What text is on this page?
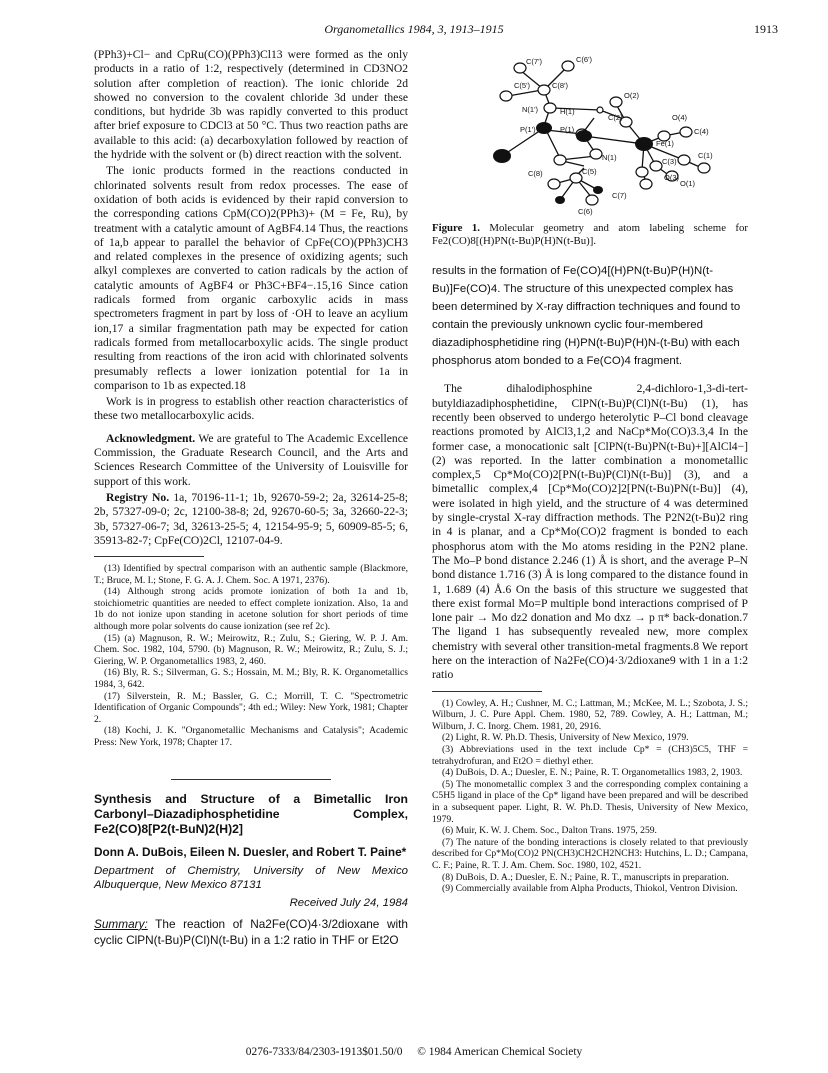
Organometallics 1984, 3, 1913–1915	1913

(PPh3)+Cl− and CpRu(CO)(PPh3)Cl13 were formed as the only products in a ratio of 1:2, respectively (determined in CD3NO2 solution after completion of reaction). The ionic chloride 2d showed no conversion to the covalent chloride 3d under these conditions, but hydride 3b was rapidly converted to this product after brief exposure to CDCl3 at 50 °C. Thus two reaction paths are available to this acid: (a) decarboxylation followed by reaction of the hydride with the solvent or (b) direct reaction with the solvent.

The ionic products formed in the reactions conducted in chlorinated solvents result from redox processes. The ease of oxidation of both acids is evidenced by their rapid conversion to the corresponding cations CpM(CO)2(PPh3)+ (M = Fe, Ru), by treatment with a catalytic amount of AgBF4.14 Thus, the reactions of 1a,b appear to parallel the behavior of CpFe(CO)(PPh3)CH3 and related complexes in the presence of oxidizing agents; such alkyl complexes are converted to cation radicals by the action of catalytic amounts of AgBF4 or Ph3C+BF4−.15,16 Since cation radicals formed from organic carboxylic acids in mass spectrometers fragment in part by loss of ·OH to leave an acylium ion,17 a similar fragmentation path may be expected for cation radicals formed from metallocarboxylic acids. The single product resulting from reactions of the iron acid with chlorinated solvents presumably reflects a lower ionization potential for 1a in comparison to 1b as expected.18

Work is in progress to establish other reaction characteristics of these two metallocarboxylic acids.

Acknowledgment. We are grateful to The Academic Excellence Commission, the Graduate Research Council, and the Arts and Sciences Research Committee of the University of Louisville for support of this work.

Registry No. 1a, 70196-11-1; 1b, 92670-59-2; 2a, 32614-25-8; 2b, 57327-09-0; 2c, 12100-38-8; 2d, 92670-60-5; 3a, 32660-22-3; 3b, 57327-06-7; 3d, 32613-25-5; 4, 12154-95-9; 5, 60909-85-5; 6, 35913-82-7; CpFe(CO)2Cl, 12107-04-9.

(13) Identified by spectral comparison with an authentic sample (Blackmore, T.; Bruce, M. I.; Stone, F. G. A. J. Chem. Soc. A 1971, 2376).

(14) Although strong acids promote ionization of both 1a and 1b, stoichiometric quantities are needed to effect complete ionization. Also, 1a and 1b do not ionize upon standing in acetone solution for short periods of time although more polar solvents do cause ionization (see ref 2c).

(15) (a) Magnuson, R. W.; Meirowitz, R.; Zulu, S.; Giering, W. P. J. Am. Chem. Soc. 1982, 104, 5790. (b) Magnuson, R. W.; Meirowitz, R.; Zulu, S. J.; Giering, W. P. Organometallics 1983, 2, 460.

(16) Bly, R. S.; Silverman, G. S.; Hossain, M. M.; Bly, R. K. Organometallics 1984, 3, 642.

(17) Silverstein, R. M.; Bassler, G. C.; Morrill, T. C. "Spectrometric Identification of Organic Compounds"; 4th ed.; Wiley: New York, 1981; Chapter 2.

(18) Kochi, J. K. "Organometallic Mechanisms and Catalysis"; Academic Press: New York, 1978; Chapter 17.

Synthesis and Structure of a Bimetallic Iron Carbonyl–Diazadiphosphetidine Complex, Fe2(CO)8[P2(t-BuN)2(H)2]
Donn A. DuBois, Eileen N. Duesler, and Robert T. Paine*
Department of Chemistry, University of New Mexico Albuquerque, New Mexico 87131
Received July 24, 1984
Summary: The reaction of Na2Fe(CO)4·3/2dioxane with cyclic ClPN(t-Bu)P(Cl)N(t-Bu) in a 1:2 ratio in THF or Et2O
C(7')	C(6')
C(5')	C(8')
O(2)
N(1')	H(1)
C(2)	O(4)
C(4)
P(1')	P(1)
Fe(1)
N(1)	C(3)
C(1)
C(8)	C(5)
O(3)
O(1)
C(6)
C(7)
Figure 1. Molecular geometry and atom labeling scheme for Fe2(CO)8[(H)PN(t-Bu)P(H)N(t-Bu)].
results in the formation of Fe(CO)4[(H)PN(t-Bu)P(H)N(t-Bu)]Fe(CO)4. The structure of this unexpected complex has been determined by X-ray diffraction techniques and found to contain the previously unknown cyclic four-membered diazadiphosphetidine ring (H)PN(t-Bu)P(H)N-(t-Bu) with each phosphorus atom bonded to a Fe(CO)4 fragment.

The dihalodiphosphine 2,4-dichloro-1,3-di-tert-butyldiazadiphosphetidine, ClPN(t-Bu)P(Cl)N(t-Bu) (1), has recently been observed to undergo heterolytic P–Cl bond cleavage reactions promoted by AlCl3,1,2 and NaCp*Mo(CO)3.3,4 In the former case, a monocationic salt [ClPN(t-Bu)PN(t-Bu)+][AlCl4−] (2) was reported. In the latter combination a monometallic complex,5 Cp*Mo(CO)2[PN(t-Bu)P(Cl)N(t-Bu)] (3), and a bimetallic complex,4 [Cp*Mo(CO)2]2[PN(t-Bu)PN(t-Bu)] (4), were isolated in high yield, and the structure of 4 was determined by single-crystal X-ray diffraction methods. The P2N2(t-Bu)2 ring in 4 is planar, and a Cp*Mo(CO)2 fragment is bonded to each phosphorus atom with the Mo atoms residing in the P2N2 plane. The Mo–P bond distance 2.246 (1) Å is short, and the average P–N bond distance 1.716 (3) Å is long compared to the distance found in 1, 1.689 (4) Å.6 On the basis of this structure we suggested that there exist formal Mo=P multiple bond interactions comprised of P lone pair → Mo dz2 donation and Mo dxz → p π* back-donation.7 The ligand 1 has subsequently revealed new, more complex chemistry with several other transition-metal fragments.8 We report here on the interaction of Na2Fe(CO)4·3/2dioxane9 with 1 in a 1:2 ratio

(1) Cowley, A. H.; Cushner, M. C.; Lattman, M.; McKee, M. L.; Szobota, J. S.; Wilburn, J. C. Pure Appl. Chem. 1980, 52, 789. Cowley, A. H.; Lattman, M.; Wilburn, J. C. Inorg. Chem. 1981, 20, 2916.

(2) Light, R. W. Ph.D. Thesis, University of New Mexico, 1979.

(3) Abbreviations used in the text include Cp* = (CH3)5C5, THF = tetrahydrofuran, and Et2O = diethyl ether.

(4) DuBois, D. A.; Duesler, E. N.; Paine, R. T. Organometallics 1983, 2, 1903.

(5) The monometallic complex 3 and the corresponding complex containing a C5H5 ligand in place of the Cp* ligand have been prepared and will be described in a subsequent paper. Light, R. W. Ph.D. Thesis, University of New Mexico, 1979.

(6) Muir, K. W. J. Chem. Soc., Dalton Trans. 1975, 259.

(7) The nature of the bonding interactions is closely related to that previously described for Cp*Mo(CO)2 PN(CH3)CH2CH2NCH3: Hutchins, L. D.; Campana, C. F.; Paine, R. T. J. Am. Chem. Soc. 1980, 102, 4521.

(8) DuBois, D. A.; Duesler, E. N.; Paine, R. T., manuscripts in preparation.

(9) Commercially available from Alpha Products, Thiokol, Ventron Division.

0276-7333/84/2303-1913$01.50/0 © 1984 American Chemical Society
